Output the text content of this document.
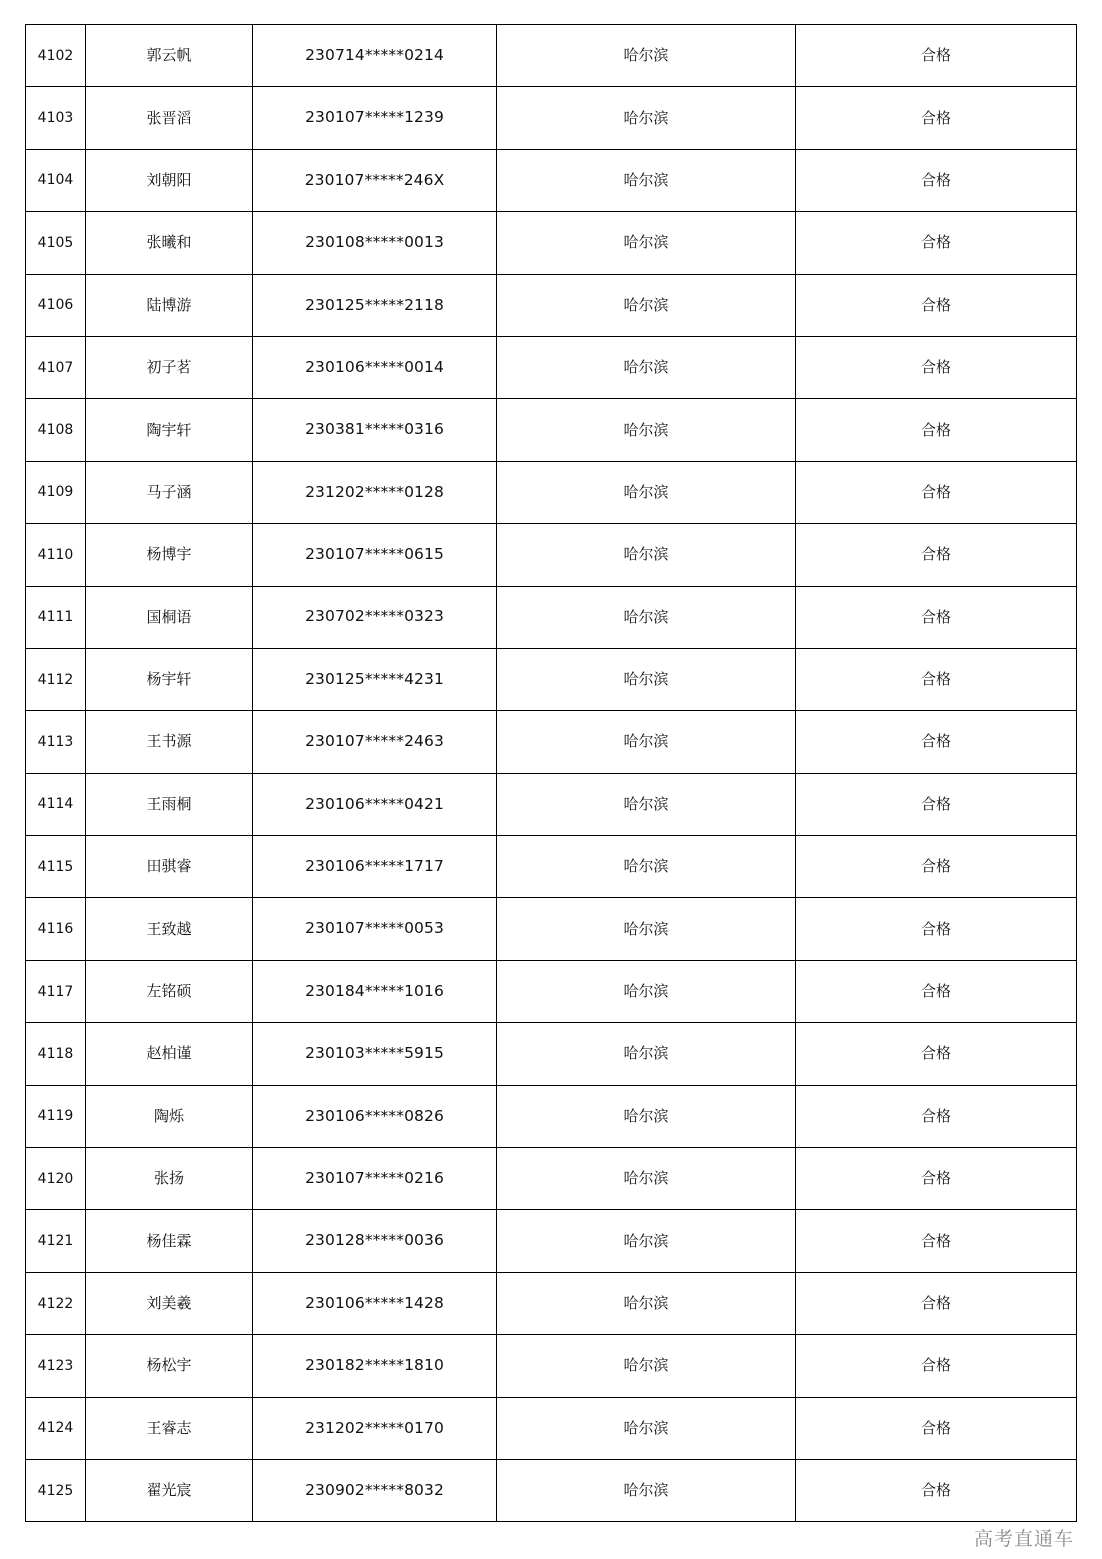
4102	郭云帆	230714*****0214	哈尔滨	合格
4103	张晋滔	230107*****1239	哈尔滨	合格
4104	刘朝阳	230107*****246X	哈尔滨	合格
4105	张曦和	230108*****0013	哈尔滨	合格
4106	陆博游	230125*****2118	哈尔滨	合格
4107	初子茗	230106*****0014	哈尔滨	合格
4108	陶宇轩	230381*****0316	哈尔滨	合格
4109	马子涵	231202*****0128	哈尔滨	合格
4110	杨博宇	230107*****0615	哈尔滨	合格
4111	国桐语	230702*****0323	哈尔滨	合格
4112	杨宇轩	230125*****4231	哈尔滨	合格
4113	王书源	230107*****2463	哈尔滨	合格
4114	王雨桐	230106*****0421	哈尔滨	合格
4115	田骐睿	230106*****1717	哈尔滨	合格
4116	王致越	230107*****0053	哈尔滨	合格
4117	左铭硕	230184*****1016	哈尔滨	合格
4118	赵柏谨	230103*****5915	哈尔滨	合格
4119	陶烁	230106*****0826	哈尔滨	合格
4120	张扬	230107*****0216	哈尔滨	合格
4121	杨佳霖	230128*****0036	哈尔滨	合格
4122	刘美羲	230106*****1428	哈尔滨	合格
4123	杨松宇	230182*****1810	哈尔滨	合格
4124	王睿志	231202*****0170	哈尔滨	合格
4125	翟光宸	230902*****8032	哈尔滨	合格
高考直通车
